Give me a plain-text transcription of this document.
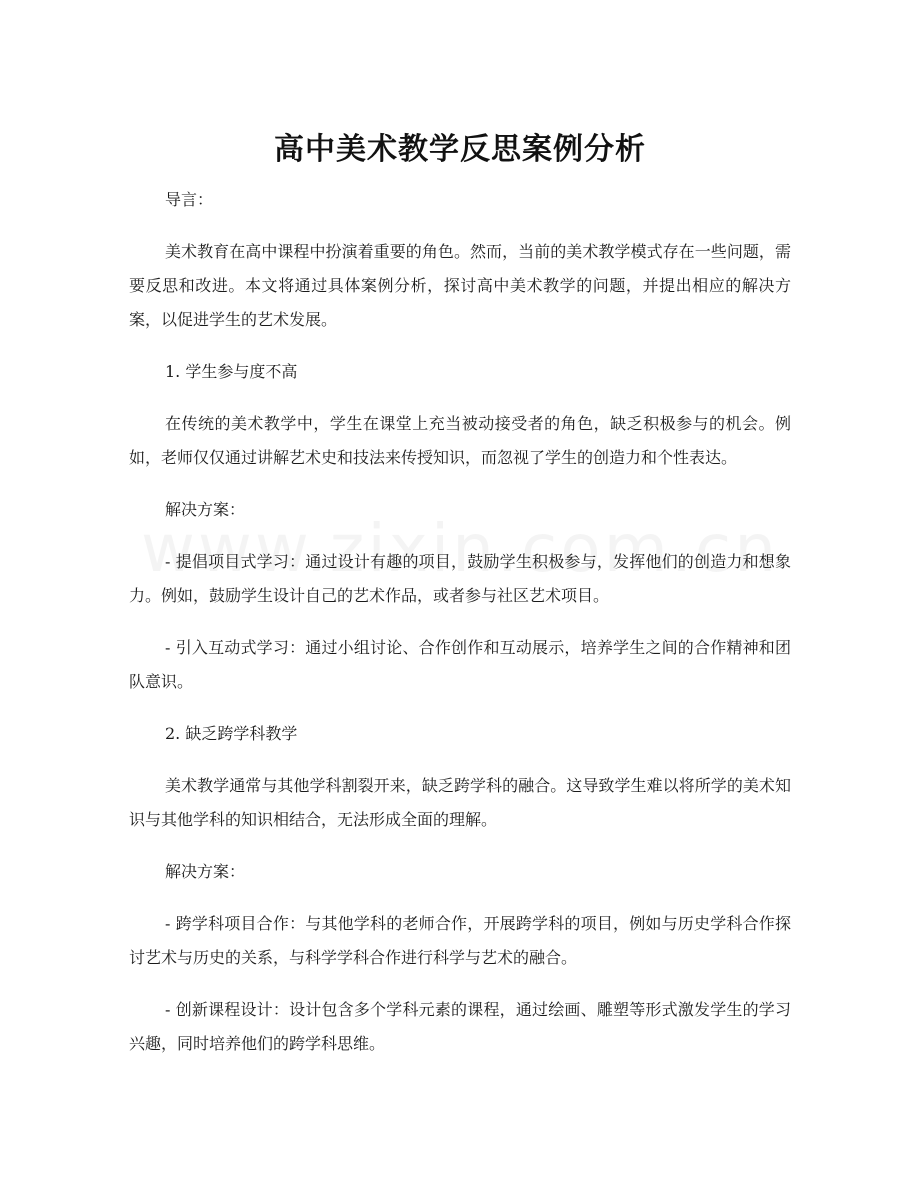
高中美术教学反思案例分析

导言：

美术教育在高中课程中扮演着重要的角色。然而，当前的美术教学模式存在一些问题，需要反思和改进。本文将通过具体案例分析，探讨高中美术教学的问题，并提出相应的解决方案，以促进学生的艺术发展。

1. 学生参与度不高

在传统的美术教学中，学生在课堂上充当被动接受者的角色，缺乏积极参与的机会。例如，老师仅仅通过讲解艺术史和技法来传授知识，而忽视了学生的创造力和个性表达。

解决方案：

- 提倡项目式学习：通过设计有趣的项目，鼓励学生积极参与，发挥他们的创造力和想象力。例如，鼓励学生设计自己的艺术作品，或者参与社区艺术项目。

- 引入互动式学习：通过小组讨论、合作创作和互动展示，培养学生之间的合作精神和团队意识。

2. 缺乏跨学科教学

美术教学通常与其他学科割裂开来，缺乏跨学科的融合。这导致学生难以将所学的美术知识与其他学科的知识相结合，无法形成全面的理解。

解决方案：

- 跨学科项目合作：与其他学科的老师合作，开展跨学科的项目，例如与历史学科合作探讨艺术与历史的关系，与科学学科合作进行科学与艺术的融合。

- 创新课程设计：设计包含多个学科元素的课程，通过绘画、雕塑等形式激发学生的学习兴趣，同时培养他们的跨学科思维。
